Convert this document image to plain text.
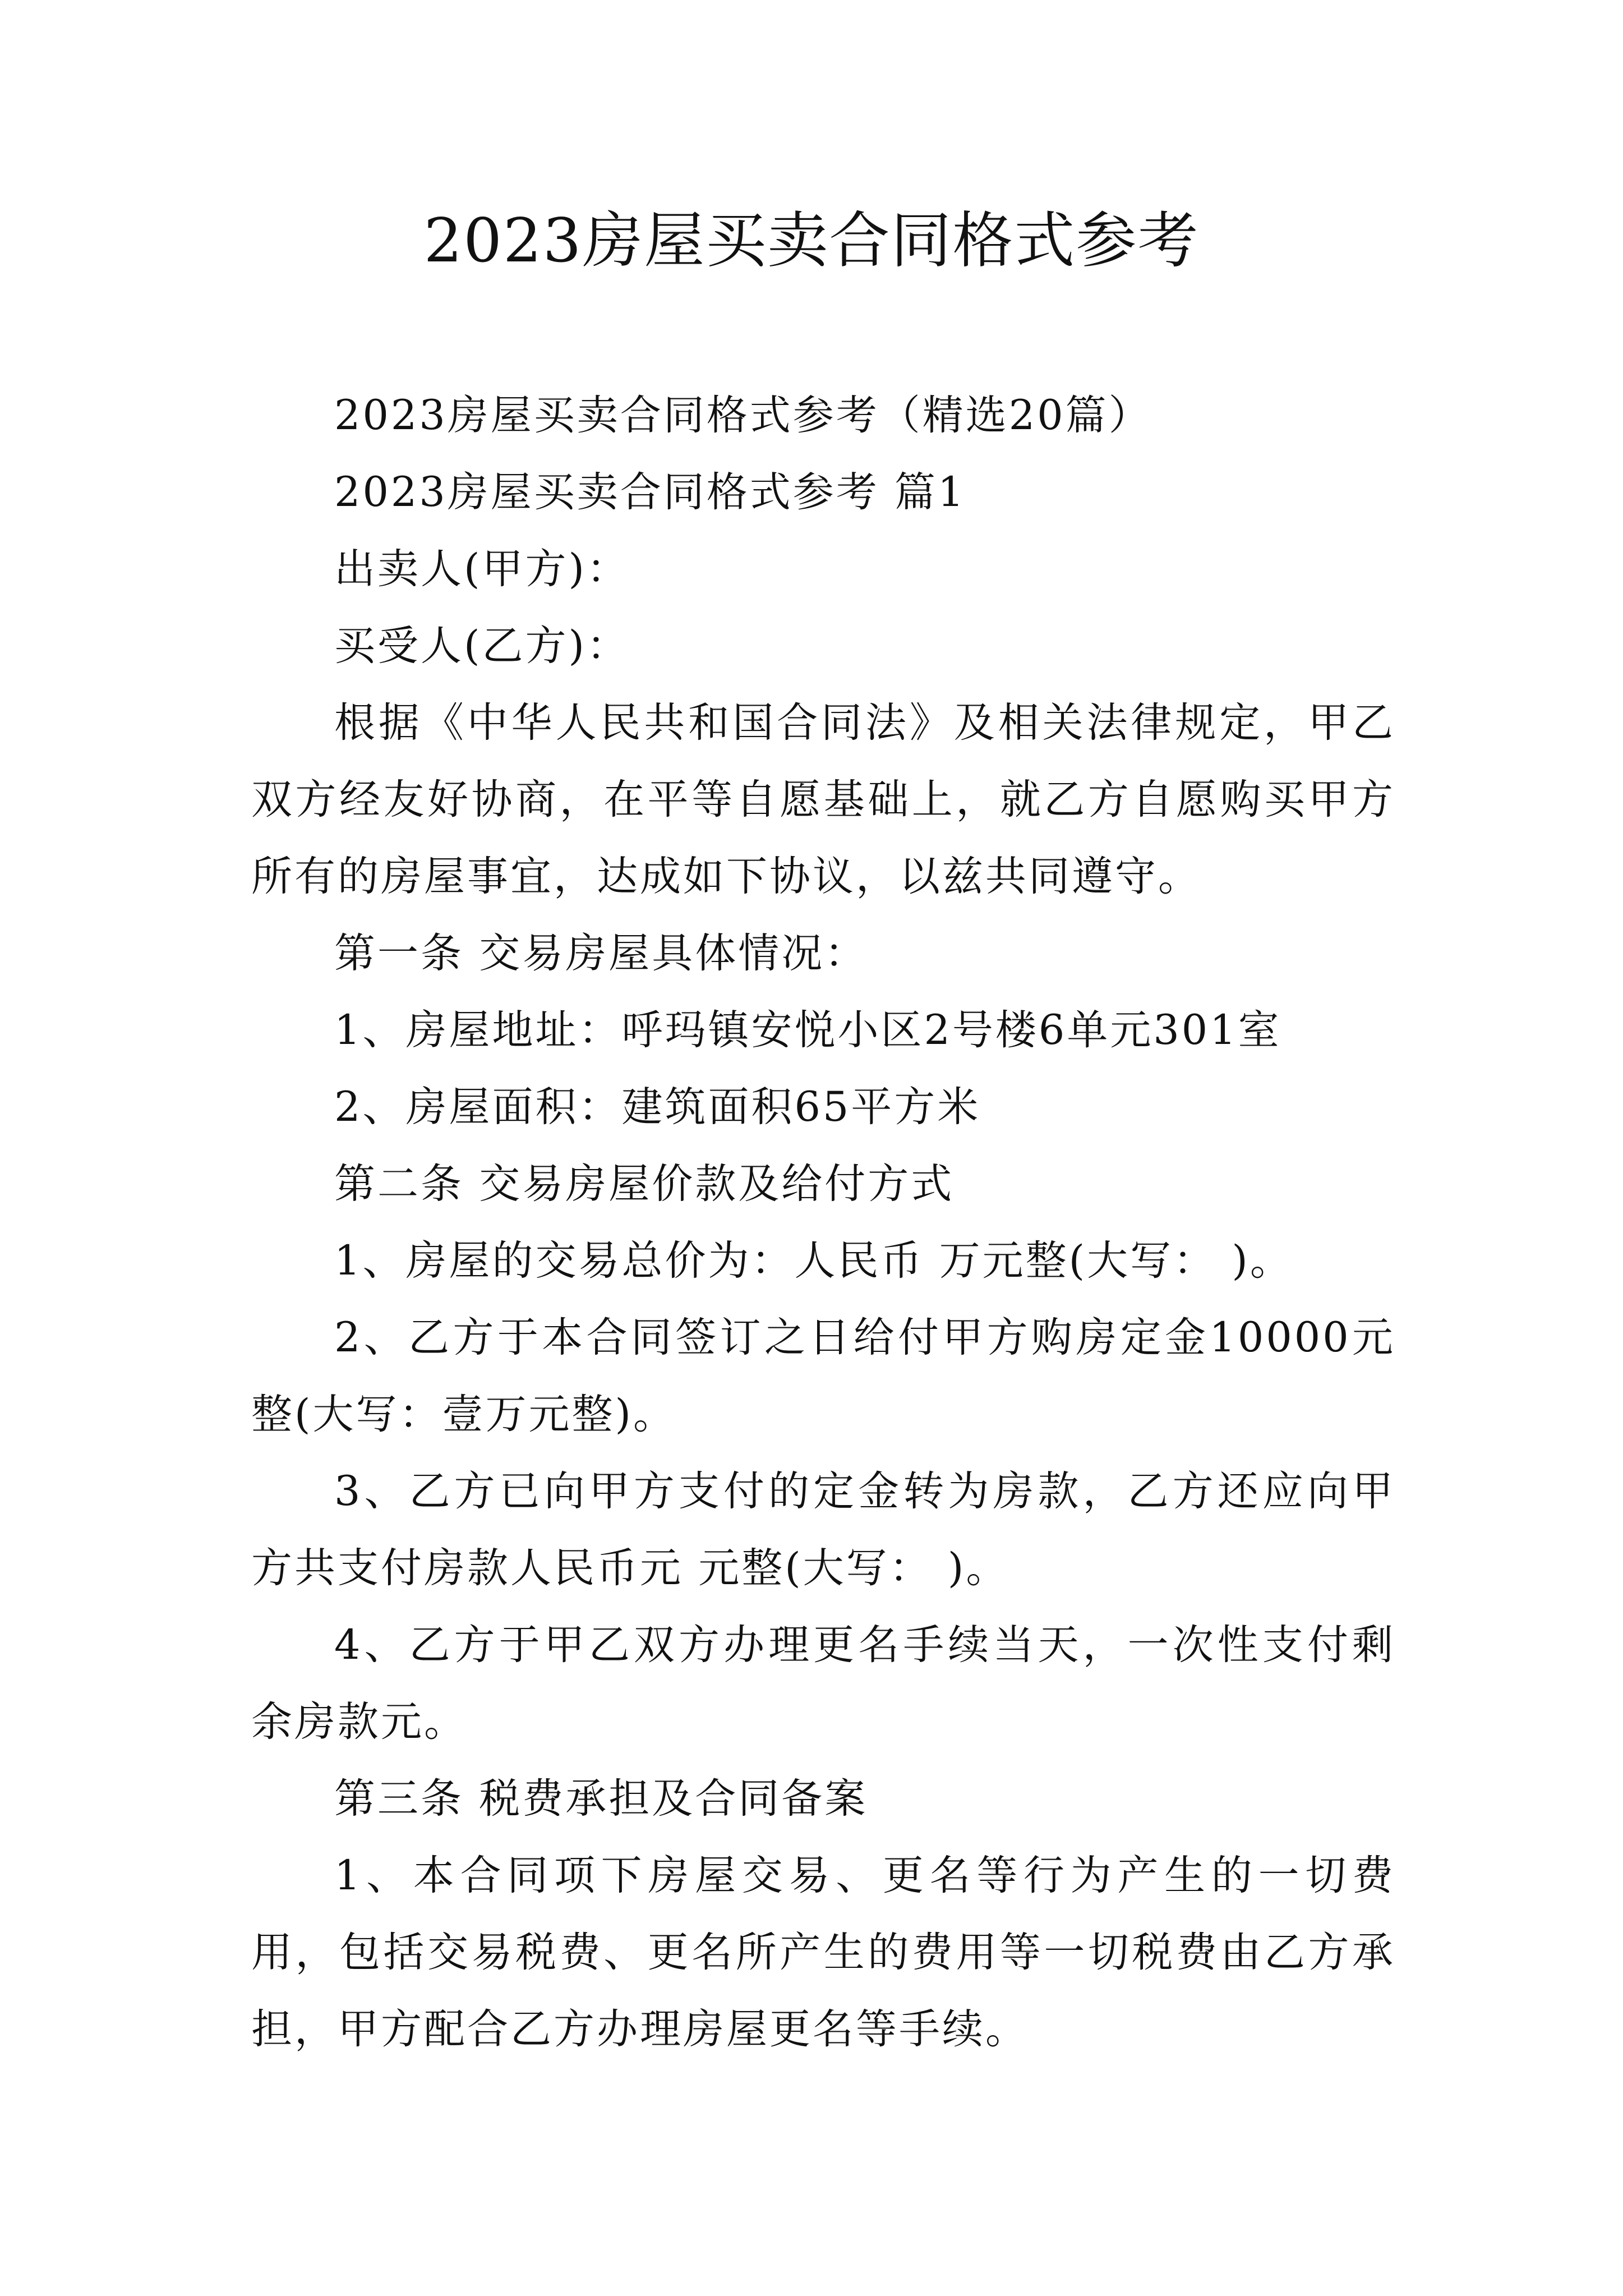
2023房屋买卖合同格式参考

2023房屋买卖合同格式参考（精选20篇）

2023房屋买卖合同格式参考 篇1

出卖人(甲方)：

买受人(乙方)：

根据《中华人民共和国合同法》及相关法律规定，甲乙双方经友好协商，在平等自愿基础上，就乙方自愿购买甲方所有的房屋事宜，达成如下协议，以兹共同遵守。

第一条 交易房屋具体情况：

1、房屋地址：呼玛镇安悦小区2号楼6单元301室

2、房屋面积：建筑面积65平方米

第二条 交易房屋价款及给付方式

1、房屋的交易总价为：人民币 万元整(大写： )。

2、乙方于本合同签订之日给付甲方购房定金10000元整(大写：壹万元整)。

3、乙方已向甲方支付的定金转为房款，乙方还应向甲方共支付房款人民币元 元整(大写： )。

4、乙方于甲乙双方办理更名手续当天，一次性支付剩余房款元。

第三条 税费承担及合同备案

1、本合同项下房屋交易、更名等行为产生的一切费用，包括交易税费、更名所产生的费用等一切税费由乙方承担，甲方配合乙方办理房屋更名等手续。
